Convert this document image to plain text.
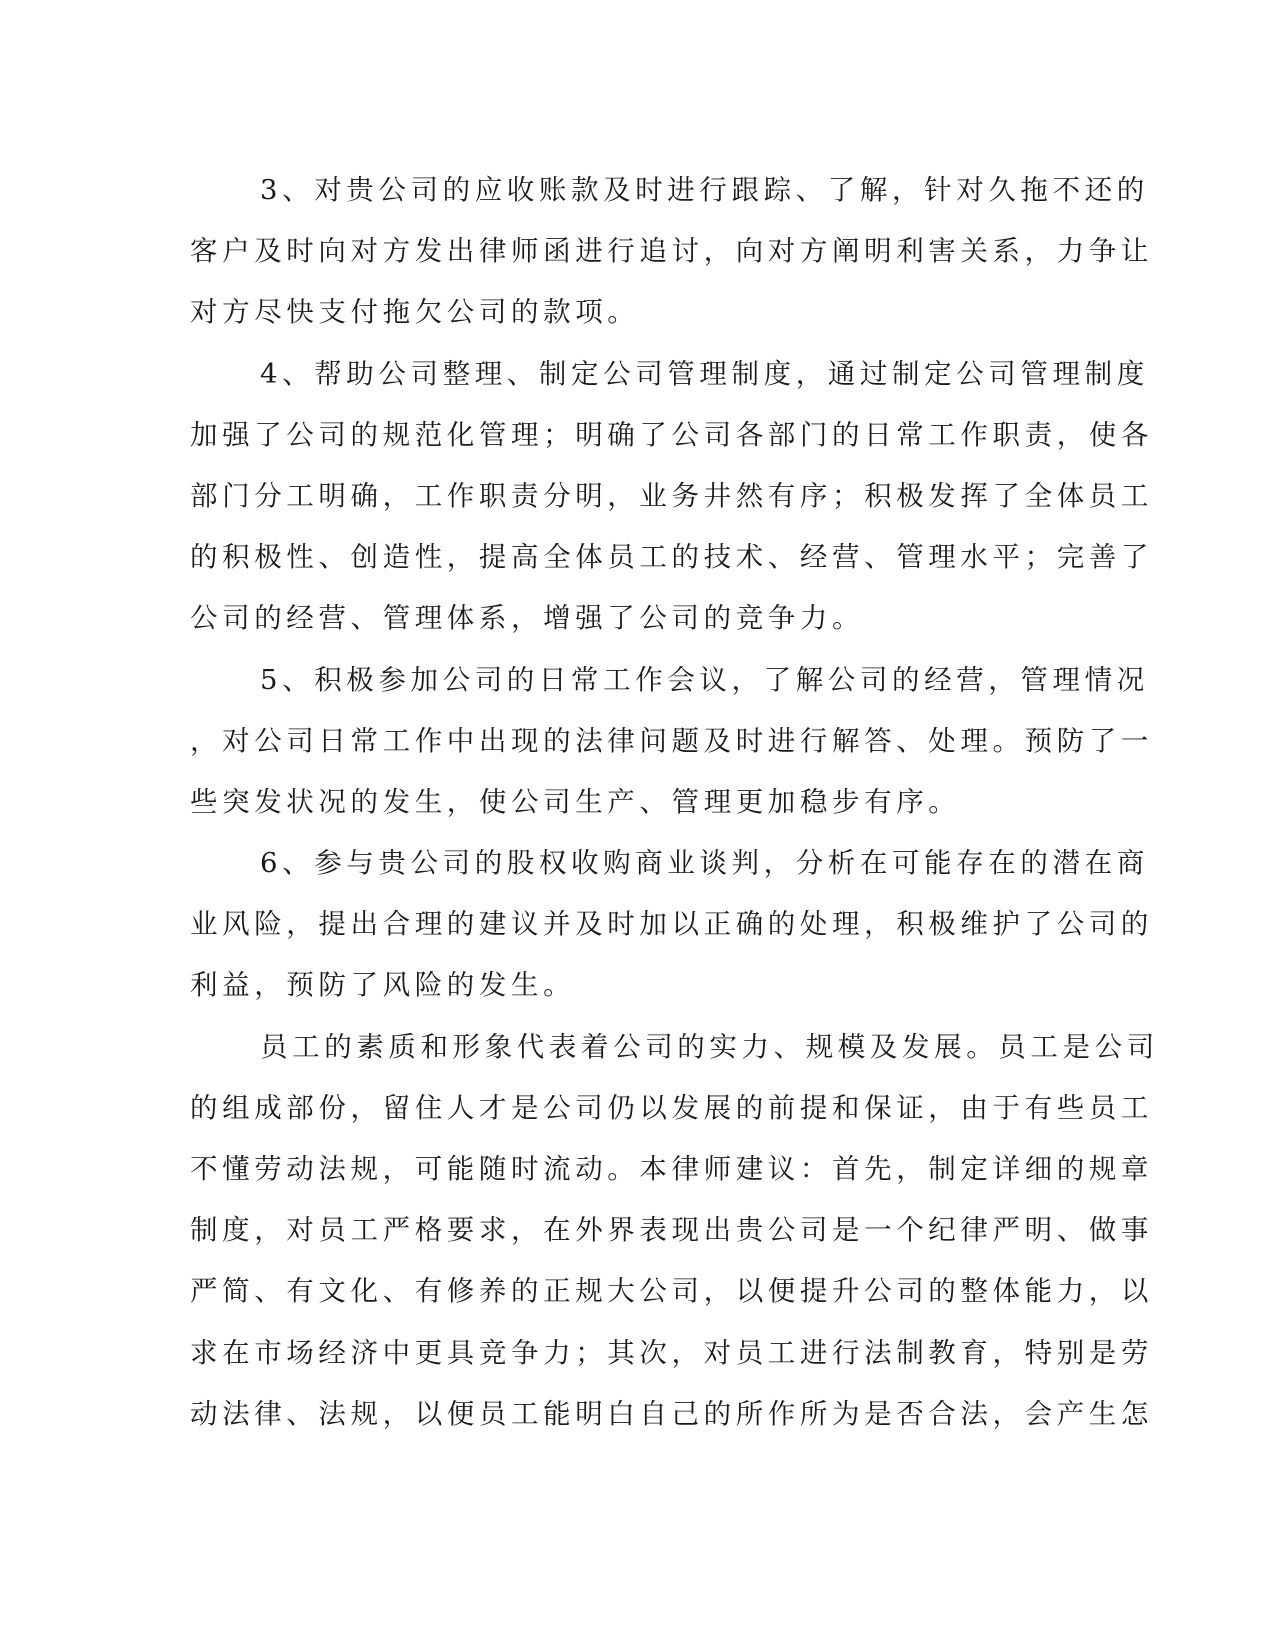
3、对贵公司的应收账款及时进行跟踪、了解，针对久拖不还的
客户及时向对方发出律师函进行追讨，向对方阐明利害关系，力争让
对方尽快支付拖欠公司的款项。
4、帮助公司整理、制定公司管理制度，通过制定公司管理制度
加强了公司的规范化管理；明确了公司各部门的日常工作职责，使各
部门分工明确，工作职责分明，业务井然有序；积极发挥了全体员工
的积极性、创造性，提高全体员工的技术、经营、管理水平；完善了
公司的经营、管理体系，增强了公司的竞争力。
5、积极参加公司的日常工作会议，了解公司的经营，管理情况
，对公司日常工作中出现的法律问题及时进行解答、处理。预防了一
些突发状况的发生，使公司生产、管理更加稳步有序。
6、参与贵公司的股权收购商业谈判，分析在可能存在的潜在商
业风险，提出合理的建议并及时加以正确的处理，积极维护了公司的
利益，预防了风险的发生。
员工的素质和形象代表着公司的实力、规模及发展。员工是公司
的组成部份，留住人才是公司仍以发展的前提和保证，由于有些员工
不懂劳动法规，可能随时流动。本律师建议：首先，制定详细的规章
制度，对员工严格要求，在外界表现出贵公司是一个纪律严明、做事
严简、有文化、有修养的正规大公司，以便提升公司的整体能力，以
求在市场经济中更具竞争力；其次，对员工进行法制教育，特别是劳
动法律、法规，以便员工能明白自己的所作所为是否合法，会产生怎
